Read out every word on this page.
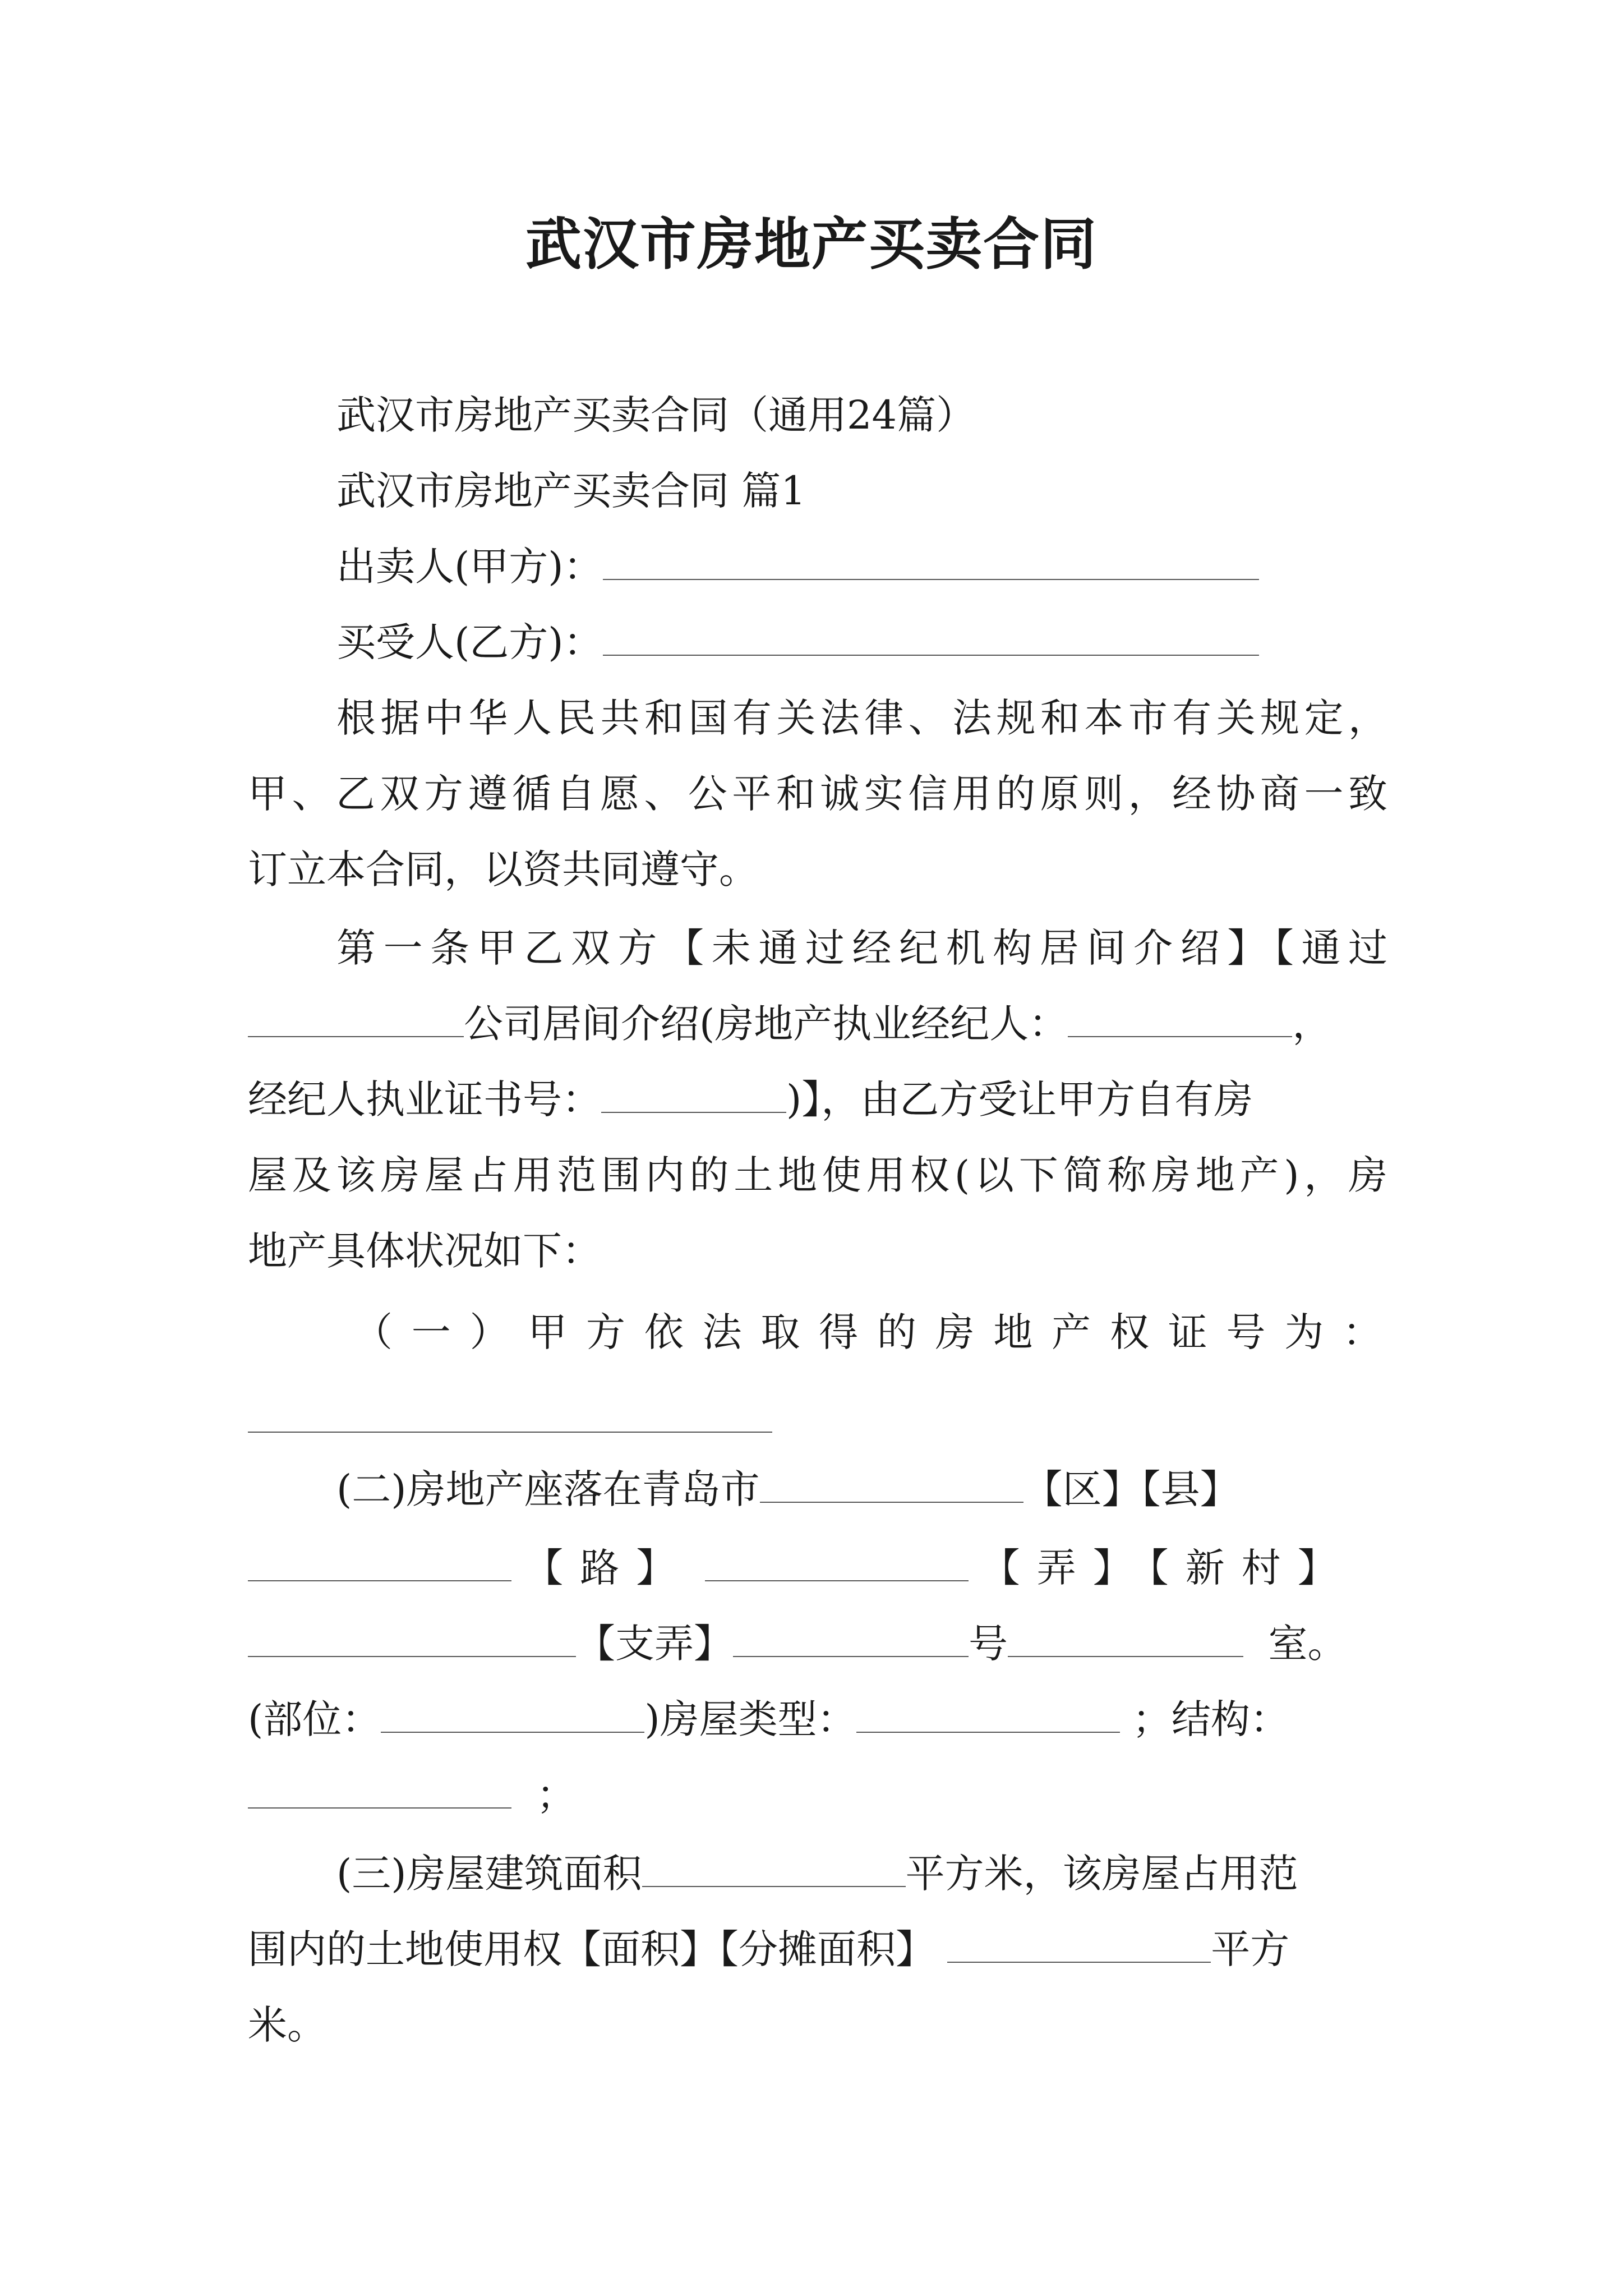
武汉市房地产买卖合同
武汉市房地产买卖合同（通用24篇）
武汉市房地产买卖合同 篇1
出卖人(甲方)：
买受人(乙方)：
根据中华人民共和国有关法律、法规和本市有关规定，
甲、乙双方遵循自愿、公平和诚实信用的原则，经协商一致
订立本合同，以资共同遵守。
第一条甲乙双方【未通过经纪机构居间介绍】【通过
公司居间介绍(房地产执业经纪人：	，
经纪人执业证书号：	)】，由乙方受让甲方自有房
屋及该房屋占用范围内的土地使用权(以下简称房地产)，房
地产具体状况如下：
（一）甲方依法取得的房地产权证号为：
(二)房地产座落在青岛市	【区】【县】
【路】	【弄】【新村】
【支弄】	号	室。
(部位：	)房屋类型：	；结构：
；
(三)房屋建筑面积	平方米，该房屋占用范
围内的土地使用权【面积】【分摊面积】	平方
米。
